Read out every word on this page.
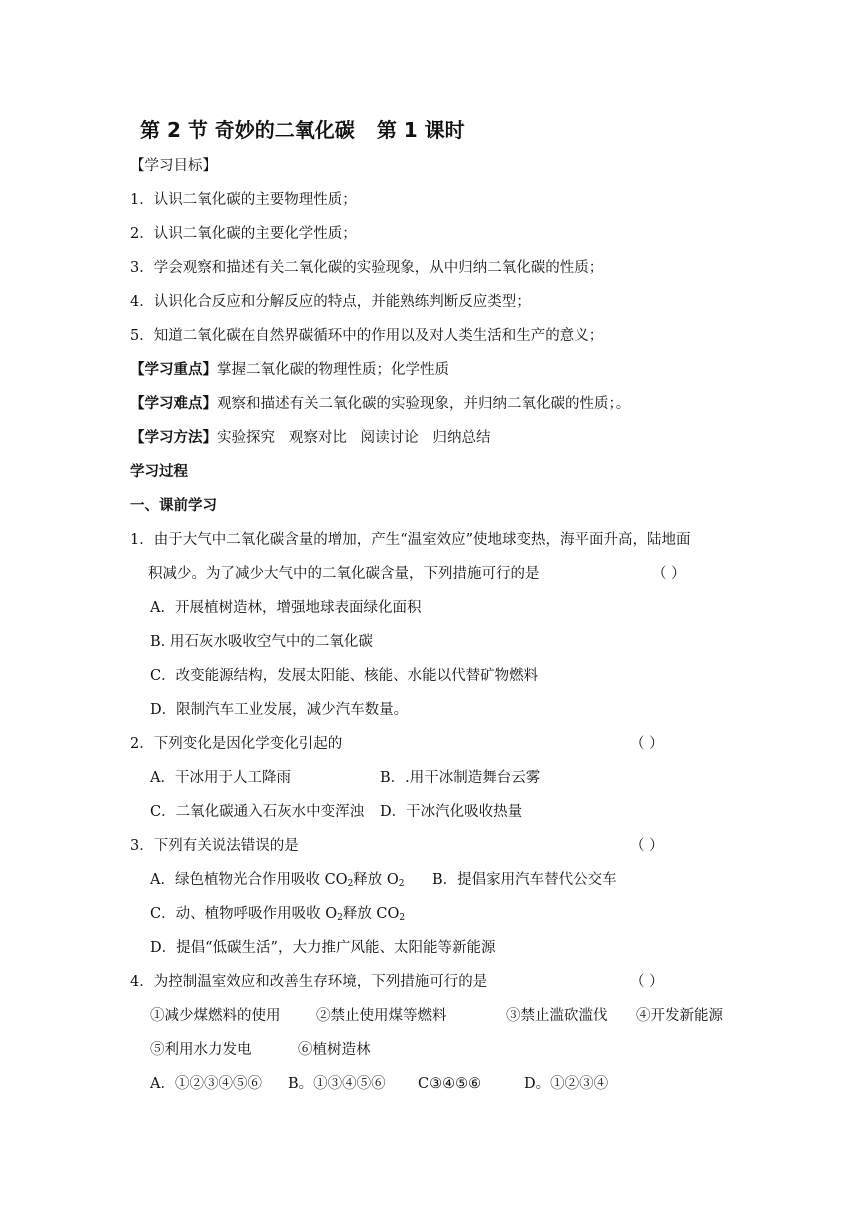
第 2 节 奇妙的二氧化碳 第 1 课时
【学习目标】
1．认识二氧化碳的主要物理性质；
2．认识二氧化碳的主要化学性质；
3．学会观察和描述有关二氧化碳的实验现象，从中归纳二氧化碳的性质；
4．认识化合反应和分解反应的特点，并能熟练判断反应类型；
5．知道二氧化碳在自然界碳循环中的作用以及对人类生活和生产的意义；
【学习重点】掌握二氧化碳的物理性质；化学性质
【学习难点】观察和描述有关二氧化碳的实验现象，并归纳二氧化碳的性质；。
【学习方法】实验探究   观察对比   阅读讨论   归纳总结
学习过程
一、课前学习
1．由于大气中二氧化碳含量的增加，产生“温室效应”使地球变热，海平面升高，陆地面
积减少。为了减少大气中的二氧化碳含量，下列措施可行的是	（ ）
A．开展植树造林，增强地球表面绿化面积
B. 用石灰水吸收空气中的二氧化碳
C．改变能源结构，发展太阳能、核能、水能以代替矿物燃料
D．限制汽车工业发展，减少汽车数量。
2．下列变化是因化学变化引起的	（ ）
A．干冰用于人工降雨	B．.用干冰制造舞台云雾
C．二氧化碳通入石灰水中变浑浊 D．干冰汽化吸收热量
3．下列有关说法错误的是	（ ）
A．绿色植物光合作用吸收 $CO_2$释放 $O_2$ B．提倡家用汽车替代公交车
C．动、植物呼吸作用吸收 $O_2$释放 $CO_2$
D．提倡“低碳生活”，大力推广风能、太阳能等新能源
4．为控制温室效应和改善生存环境，下列措施可行的是	（ ）
①减少煤燃料的使用 ②禁止使用煤等燃料	③禁止滥砍滥伐 ④开发新能源
⑤利用水力发电	⑥植树造林
A．①②③④⑤⑥ B。①③④⑤⑥ C③④⑤⑥	D。①②③④
